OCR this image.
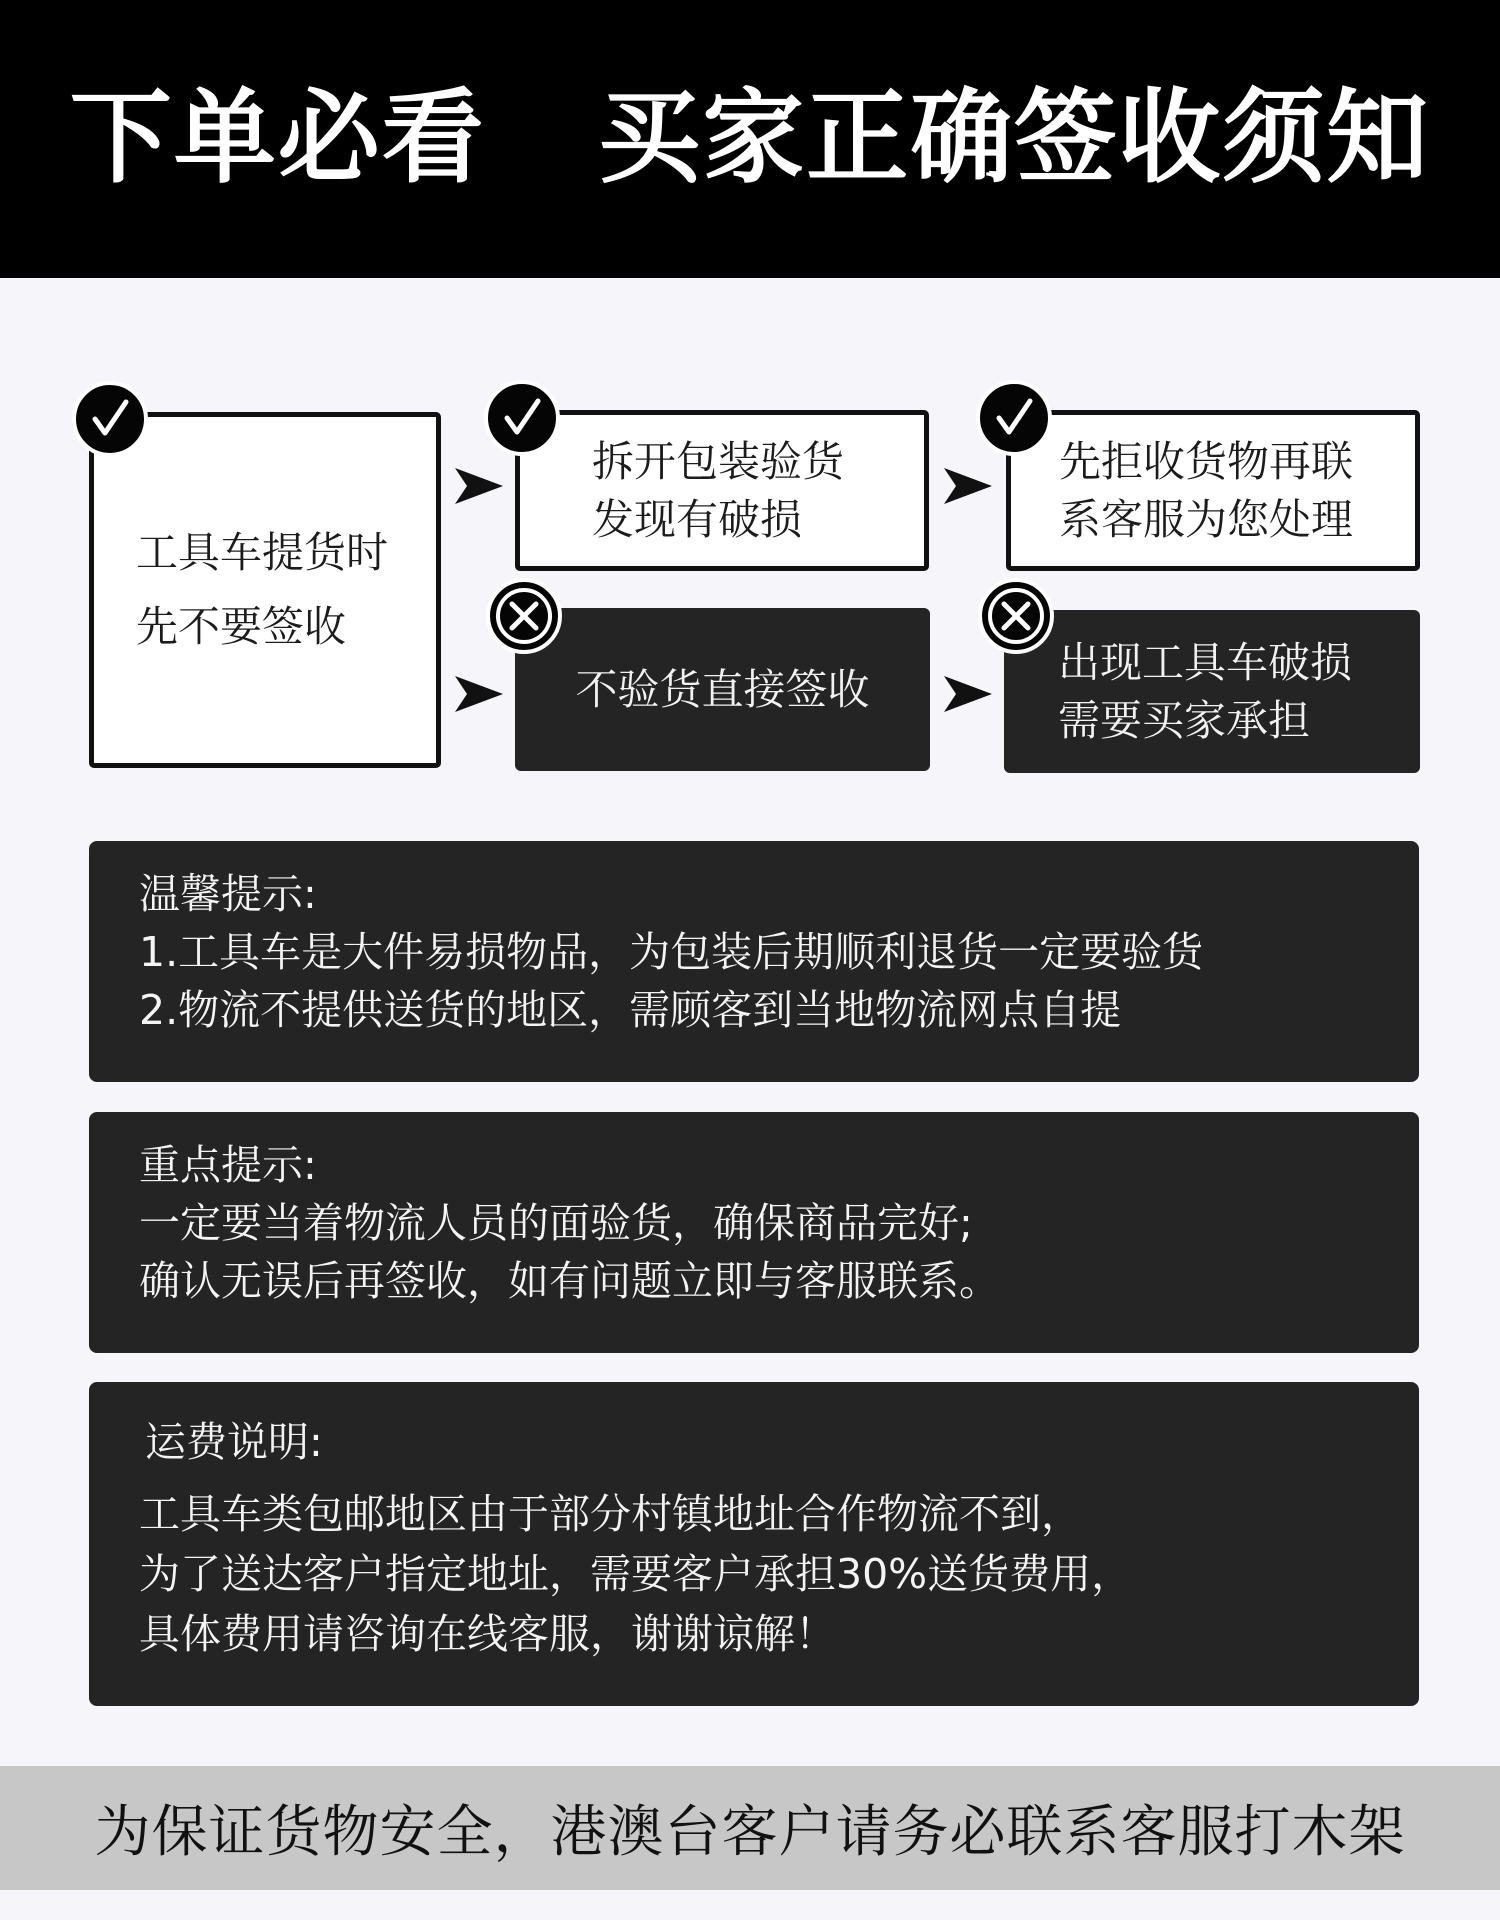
下单必看   买家正确签收须知
工具车提货时
先不要签收
拆开包装验货
发现有破损
先拒收货物再联
系客服为您处理
不验货直接签收
出现工具车破损
需要买家承担
温馨提示:
1.工具车是大件易损物品，为包装后期顺利退货一定要验货
2.物流不提供送货的地区，需顾客到当地物流网点自提
重点提示:
一定要当着物流人员的面验货，确保商品完好;
确认无误后再签收，如有问题立即与客服联系。
运费说明:
工具车类包邮地区由于部分村镇地址合作物流不到，
为了送达客户指定地址，需要客户承担30%送货费用，
具体费用请咨询在线客服，谢谢谅解！
为保证货物安全，港澳台客户请务必联系客服打木架
